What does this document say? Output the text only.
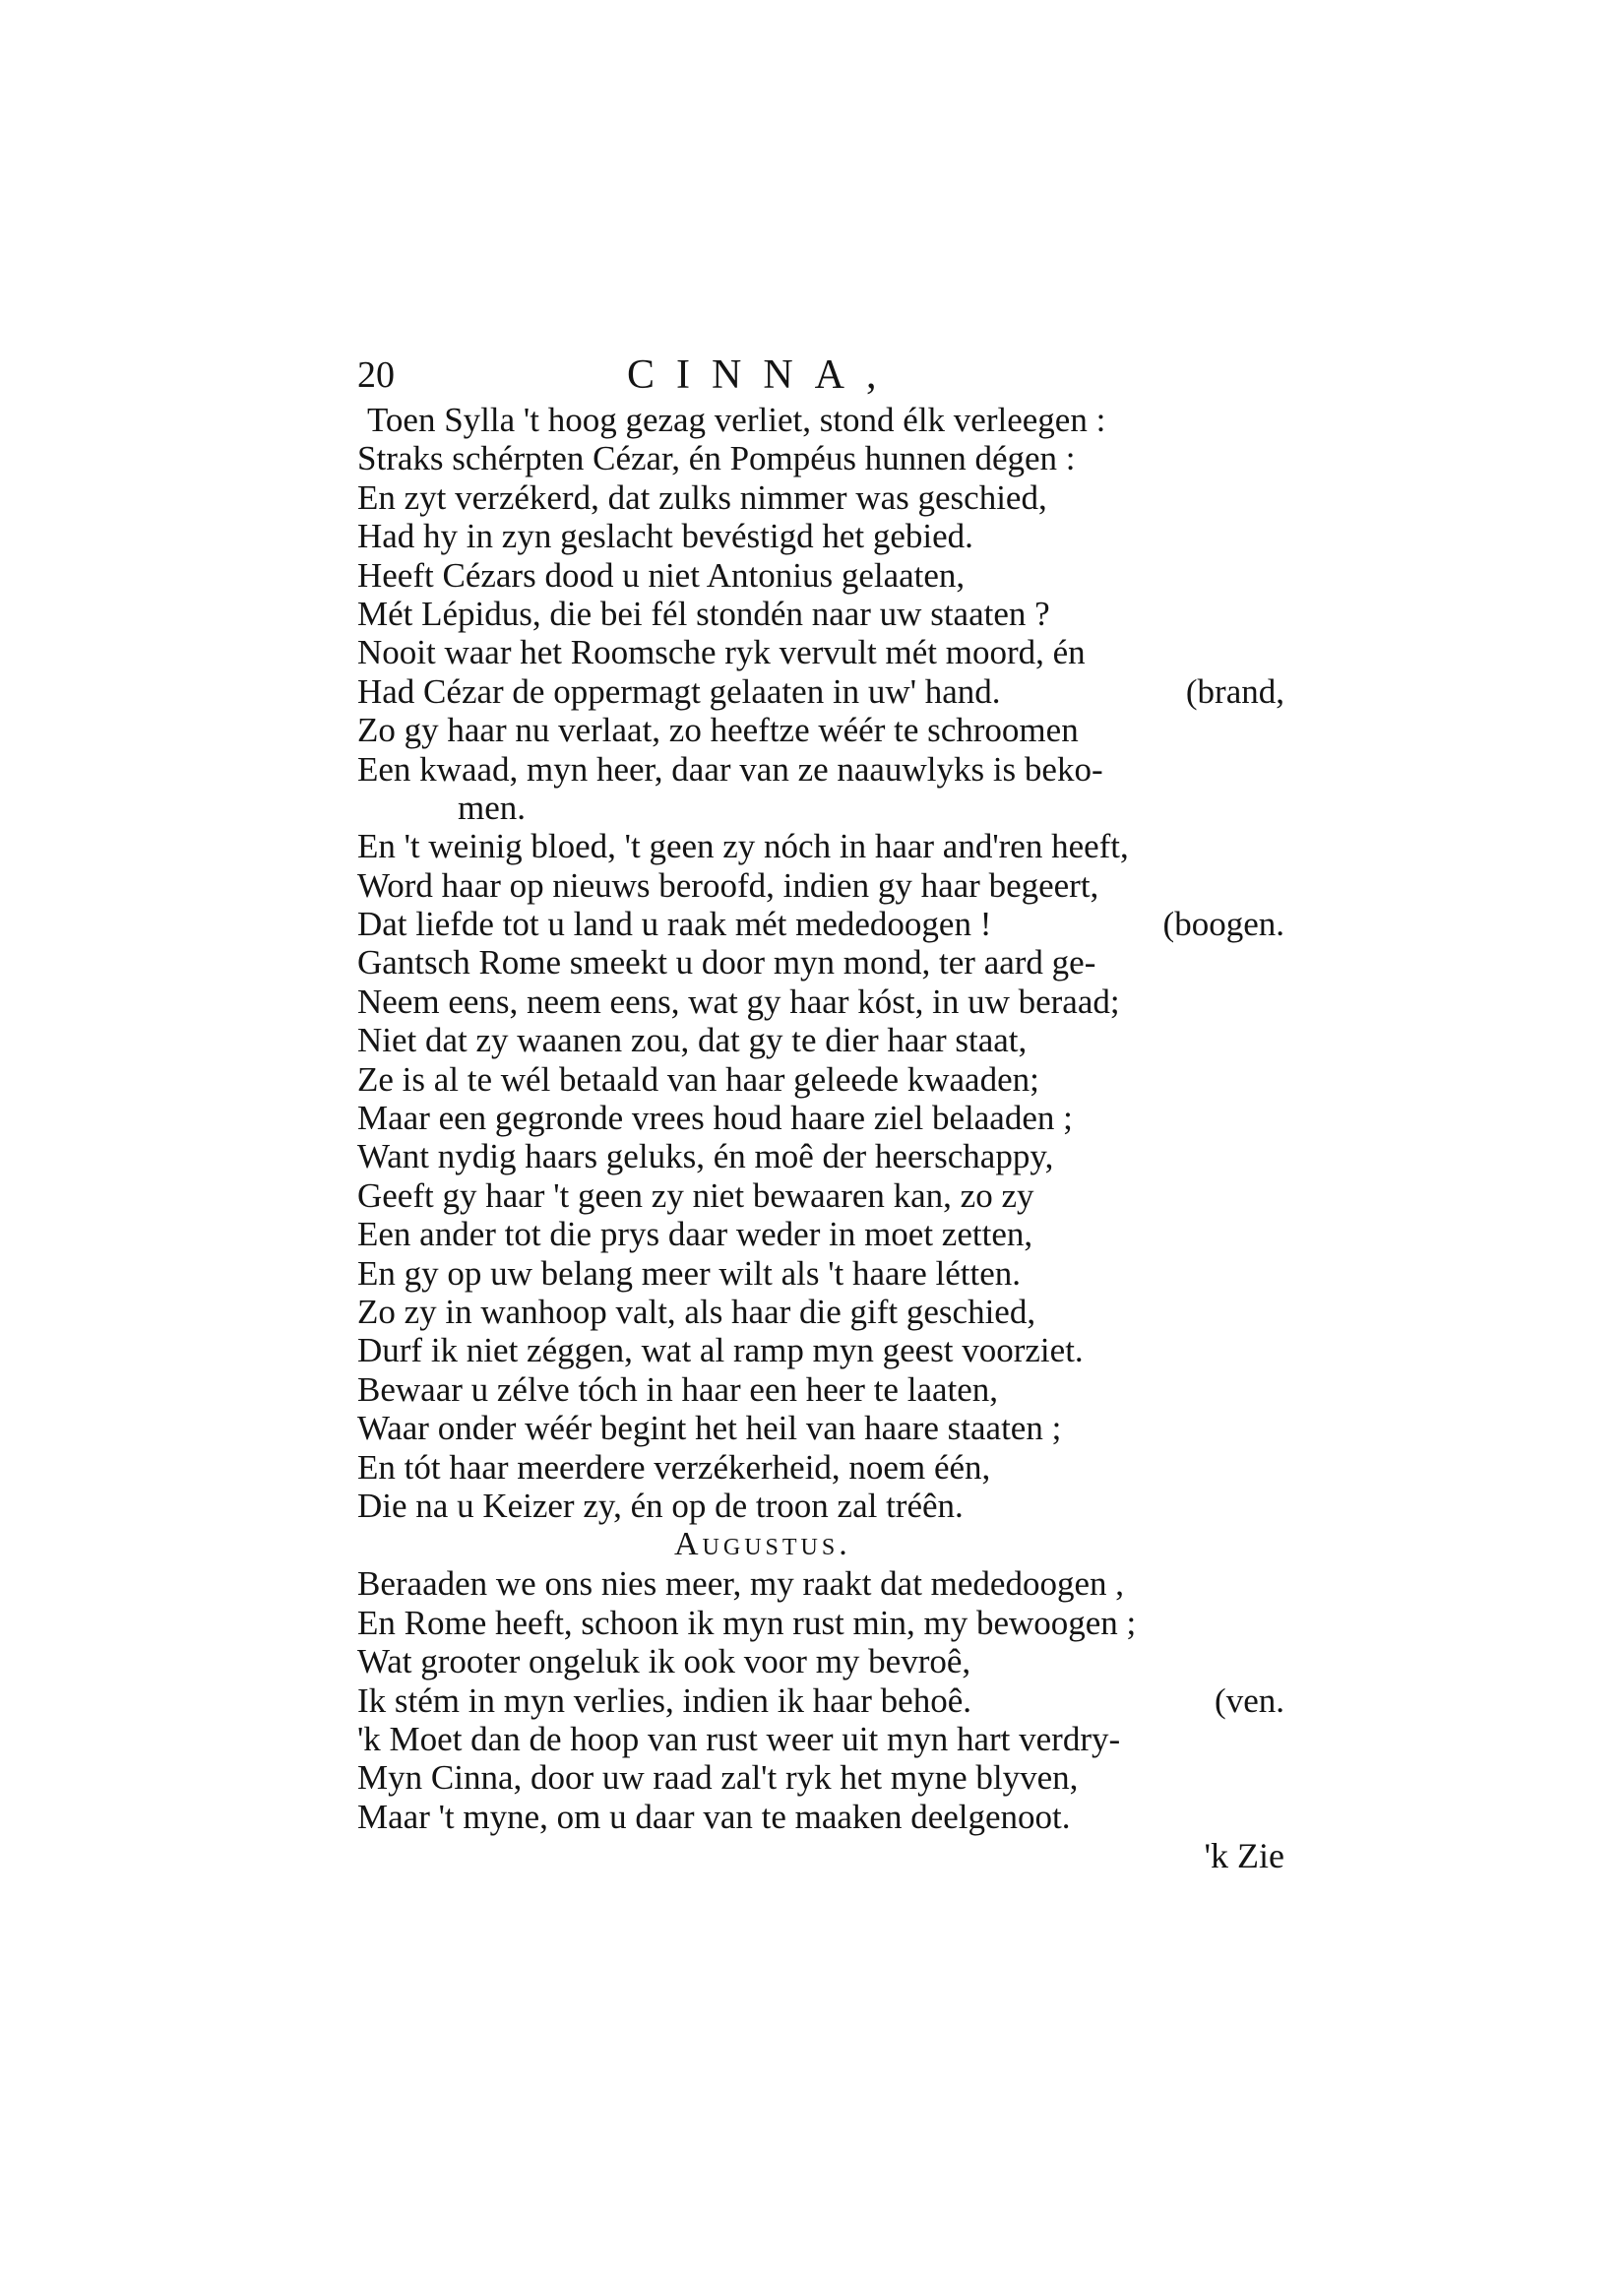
20	CINNA,
Toen Sylla 't hoog gezag verliet, stond élk verleegen :
Straks schérpten Cézar, én Pompéus hunnen dégen :
En zyt verzékerd, dat zulks nimmer was geschied,
Had hy in zyn geslacht bevéstigd het gebied.
Heeft Cézars dood u niet Antonius gelaaten,
Mét Lépidus, die bei fél stondén naar uw staaten ?
Nooit waar het Roomsche ryk vervult mét moord, én
Had Cézar de oppermagt gelaaten in uw' hand.	(brand,
Zo gy haar nu verlaat, zo heeftze wéér te schroomen
Een kwaad, myn heer, daar van ze naauwlyks is beko-
men.
En 't weinig bloed, 't geen zy nóch in haar and'ren heeft,
Word haar op nieuws beroofd, indien gy haar begeert,
Dat liefde tot u land u raak mét mededoogen !	(boogen.
Gantsch Rome smeekt u door myn mond, ter aard ge-
Neem eens, neem eens, wat gy haar kóst, in uw beraad;
Niet dat zy waanen zou, dat gy te dier haar staat,
Ze is al te wél betaald van haar geleede kwaaden;
Maar een gegronde vrees houd haare ziel belaaden ;
Want nydig haars geluks, én moê der heerschappy,
Geeft gy haar 't geen zy niet bewaaren kan, zo zy
Een ander tot die prys daar weder in moet zetten,
En gy op uw belang meer wilt als 't haare létten.
Zo zy in wanhoop valt, als haar die gift geschied,
Durf ik niet zéggen, wat al ramp myn geest voorziet.
Bewaar u zélve tóch in haar een heer te laaten,
Waar onder wéér begint het heil van haare staaten ;
En tót haar meerdere verzékerheid, noem één,
Die na u Keizer zy, én op de troon zal tréên.
Augustus.
Beraaden we ons nies meer, my raakt dat mededoogen ,
En Rome heeft, schoon ik myn rust min, my bewoogen ;
Wat grooter ongeluk ik ook voor my bevroê,
Ik stém in myn verlies, indien ik haar behoê.	(ven.
'k Moet dan de hoop van rust weer uit myn hart verdry-
Myn Cinna, door uw raad zal't ryk het myne blyven,
Maar 't myne, om u daar van te maaken deelgenoot.
'k Zie
